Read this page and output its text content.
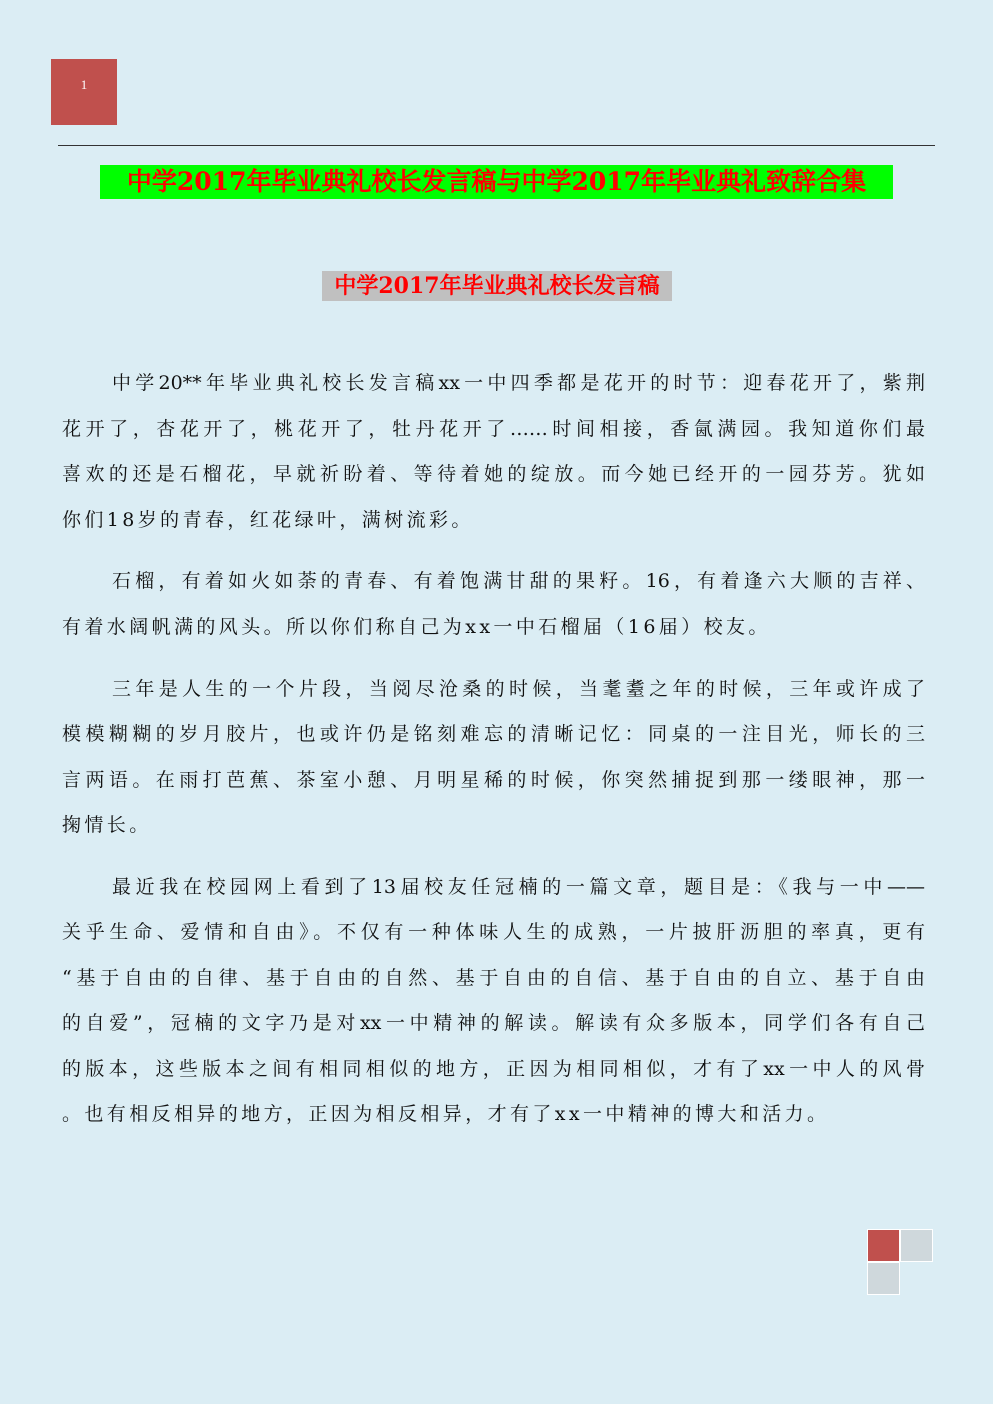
1
中学2017年毕业典礼校长发言稿与中学2017年毕业典礼致辞合集
中学2017年毕业典礼校长发言稿
中学20**年毕业典礼校长发言稿xx一中四季都是花开的时节：迎春花开了，紫荆
花开了，杏花开了，桃花开了，牡丹花开了……时间相接，香氤满园。我知道你们最
喜欢的还是石榴花，早就祈盼着、等待着她的绽放。而今她已经开的一园芬芳。犹如
你们18岁的青春，红花绿叶，满树流彩。
石榴，有着如火如荼的青春、有着饱满甘甜的果籽。16，有着逢六大顺的吉祥、
有着水阔帆满的风头。所以你们称自己为xx一中石榴届（16届）校友。
三年是人生的一个片段，当阅尽沧桑的时候，当耄耋之年的时候，三年或许成了
模模糊糊的岁月胶片，也或许仍是铭刻难忘的清晰记忆：同桌的一注目光，师长的三
言两语。在雨打芭蕉、茶室小憩、月明星稀的时候，你突然捕捉到那一缕眼神，那一
掬情长。
最近我在校园网上看到了13届校友任冠楠的一篇文章，题目是：《我与一中——
关乎生命、爱情和自由》。不仅有一种体味人生的成熟，一片披肝沥胆的率真，更有
“基于自由的自律、基于自由的自然、基于自由的自信、基于自由的自立、基于自由
的自爱”，冠楠的文字乃是对xx一中精神的解读。解读有众多版本，同学们各有自己
的版本，这些版本之间有相同相似的地方，正因为相同相似，才有了xx一中人的风骨
。也有相反相异的地方，正因为相反相异，才有了xx一中精神的博大和活力。
